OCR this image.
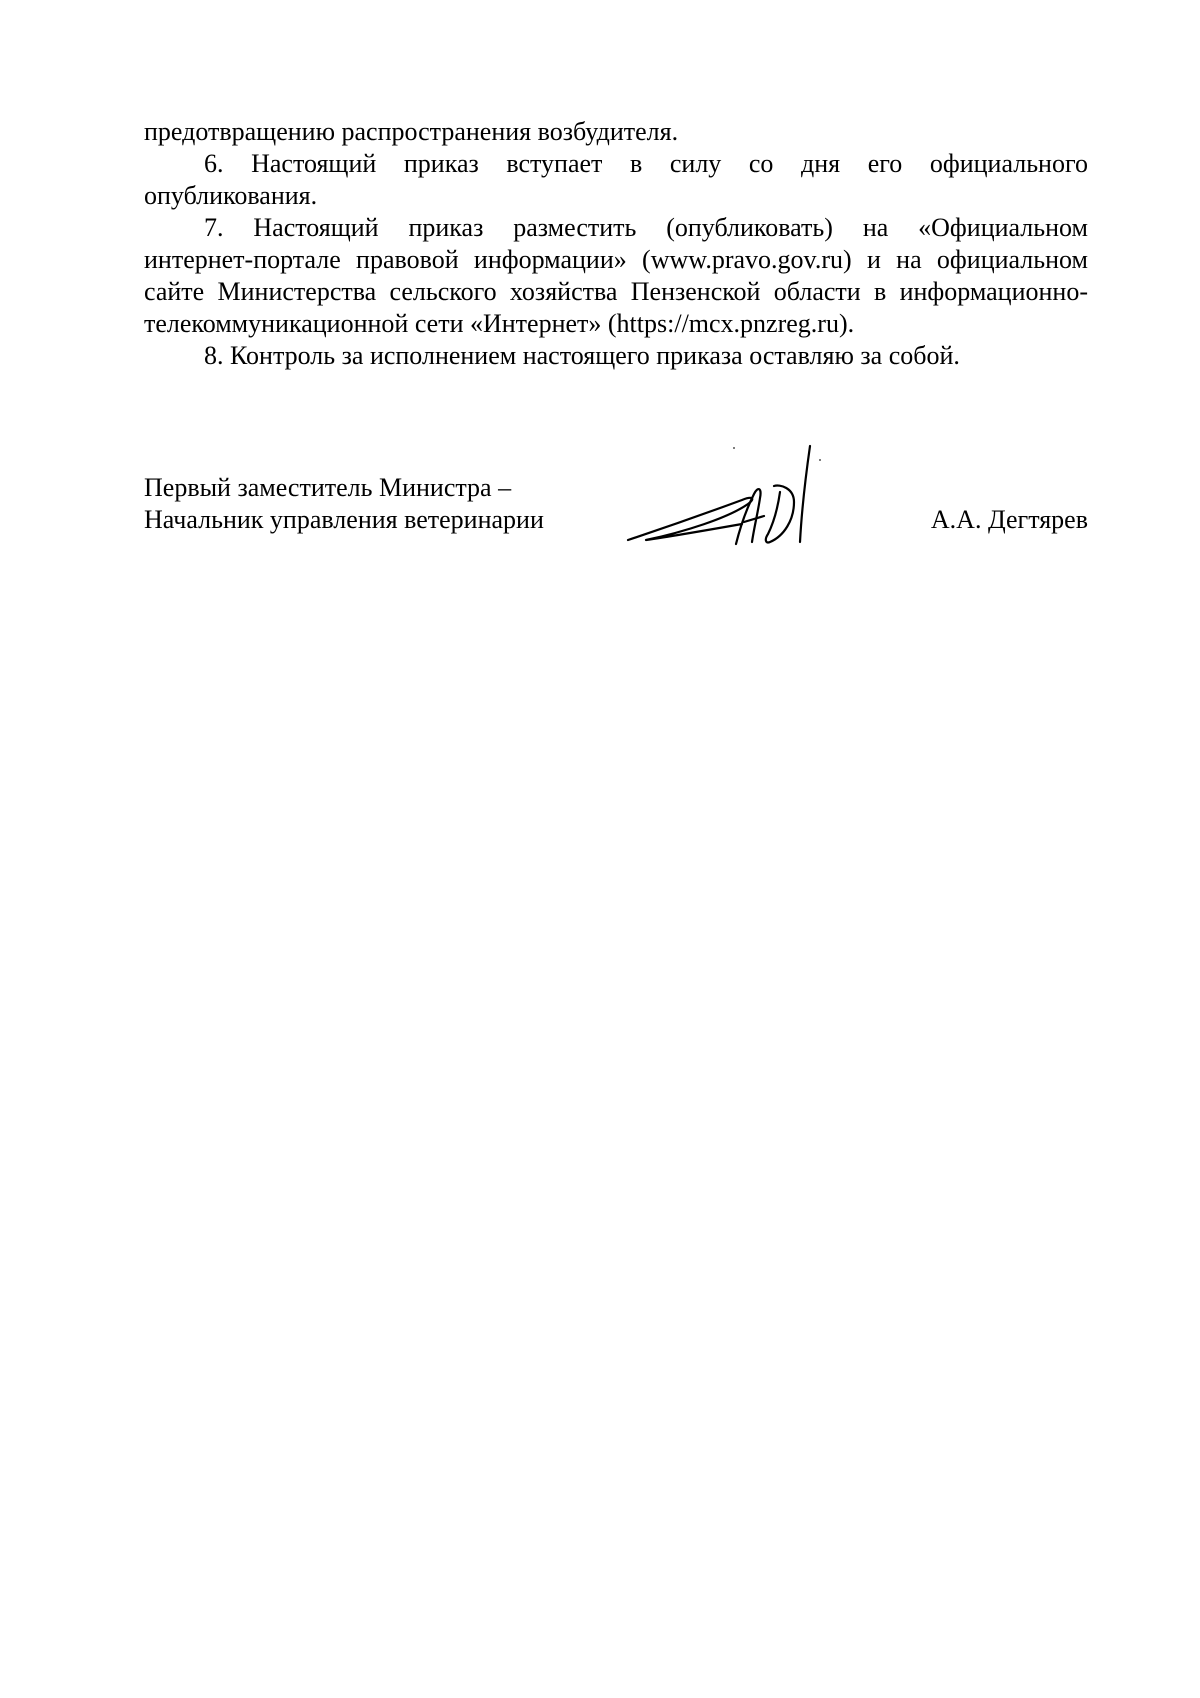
предотвращению распространения возбудителя.

6. Настоящий приказ вступает в силу со дня его официального
опубликования.

7. Настоящий приказ разместить (опубликовать) на «Официальном
интернет-портале правовой информации» (www.pravo.gov.ru) и на официальном
сайте Министерства сельского хозяйства Пензенской области в информационно-
телекоммуникационной сети «Интернет» (https://mcx.pnzreg.ru).

8. Контроль за исполнением настоящего приказа оставляю за собой.

Первый заместитель Министра –
Начальник управления ветеринарии	А.А. Дегтярев
